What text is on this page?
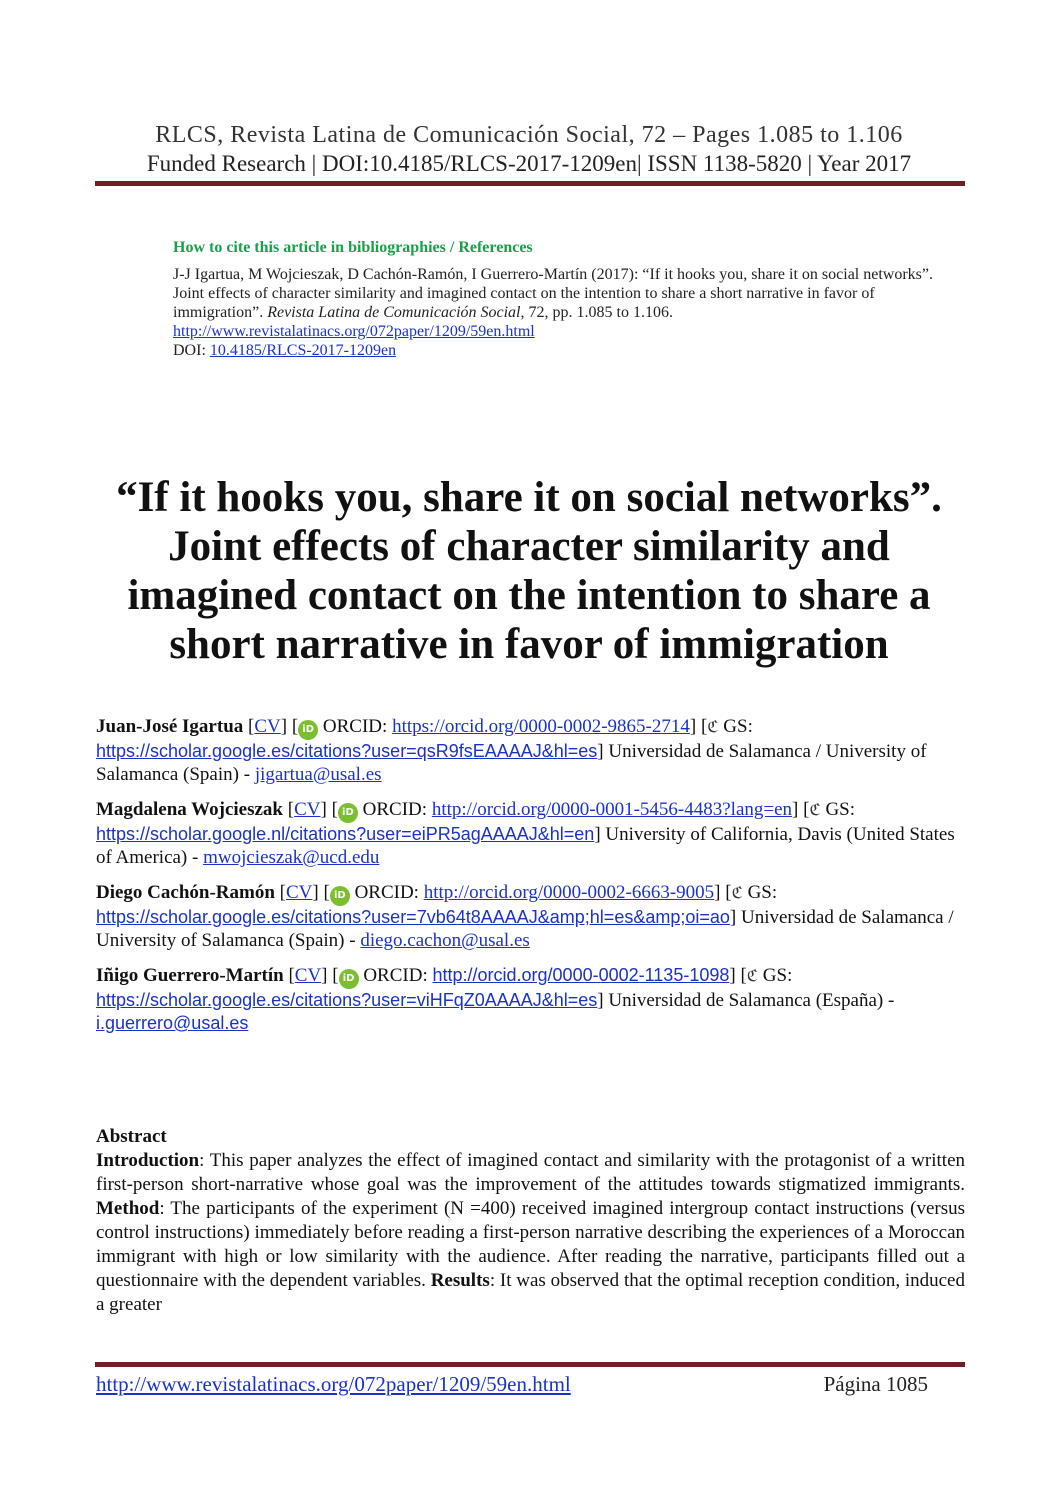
RLCS, Revista Latina de Comunicación Social, 72 – Pages 1.085 to 1.106
Funded Research | DOI:10.4185/RLCS-2017-1209en| ISSN 1138-5820 | Year 2017
How to cite this article in bibliographies / References

J-J Igartua, M Wojcieszak, D Cachón-Ramón, I Guerrero-Martín (2017): “If it hooks you, share it on social networks”. Joint effects of character similarity and imagined contact on the intention to share a short narrative in favor of immigration”. Revista Latina de Comunicación Social, 72, pp. 1.085 to 1.106.

http://www.revistalatinacs.org/072paper/1209/59en.html

DOI: 10.4185/RLCS-2017-1209en

“If it hooks you, share it on social networks”.
Joint effects of character similarity and
imagined contact on the intention to share a
short narrative in favor of immigration

Juan-José Igartua [CV] [ iD ORCID: https://orcid.org/0000-0002-9865-2714] [ℭ GS: https://scholar.google.es/citations?user=qsR9fsEAAAAJ&hl=es] Universidad de Salamanca / University of Salamanca (Spain) - jigartua@usal.es

Magdalena Wojcieszak [CV] [ iD ORCID: http://orcid.org/0000-0001-5456-4483?lang=en] [ℭ GS: https://scholar.google.nl/citations?user=eiPR5agAAAAJ&hl=en] University of California, Davis (United States of America) - mwojcieszak@ucd.edu

Diego Cachón-Ramón [CV] [ iD ORCID: http://orcid.org/0000-0002-6663-9005] [ℭ GS: https://scholar.google.es/citations?user=7vb64t8AAAAJ&amp;hl=es&amp;oi=ao] Universidad de Salamanca / University of Salamanca (Spain) - diego.cachon@usal.es

Iñigo Guerrero-Martín [CV] [ iD ORCID: http://orcid.org/0000-0002-1135-1098] [ℭ GS: https://scholar.google.es/citations?user=viHFqZ0AAAAJ&hl=es] Universidad de Salamanca (España) - i.guerrero@usal.es

Abstract

Introduction: This paper analyzes the effect of imagined contact and similarity with the protagonist of a written first-person short-narrative whose goal was the improvement of the attitudes towards stigmatized immigrants. Method: The participants of the experiment (N =400) received imagined intergroup contact instructions (versus control instructions) immediately before reading a first-person narrative describing the experiences of a Moroccan immigrant with high or low similarity with the audience. After reading the narrative, participants filled out a questionnaire with the dependent variables. Results: It was observed that the optimal reception condition, induced a greater

http://www.revistalatinacs.org/072paper/1209/59en.html	Página 1085
